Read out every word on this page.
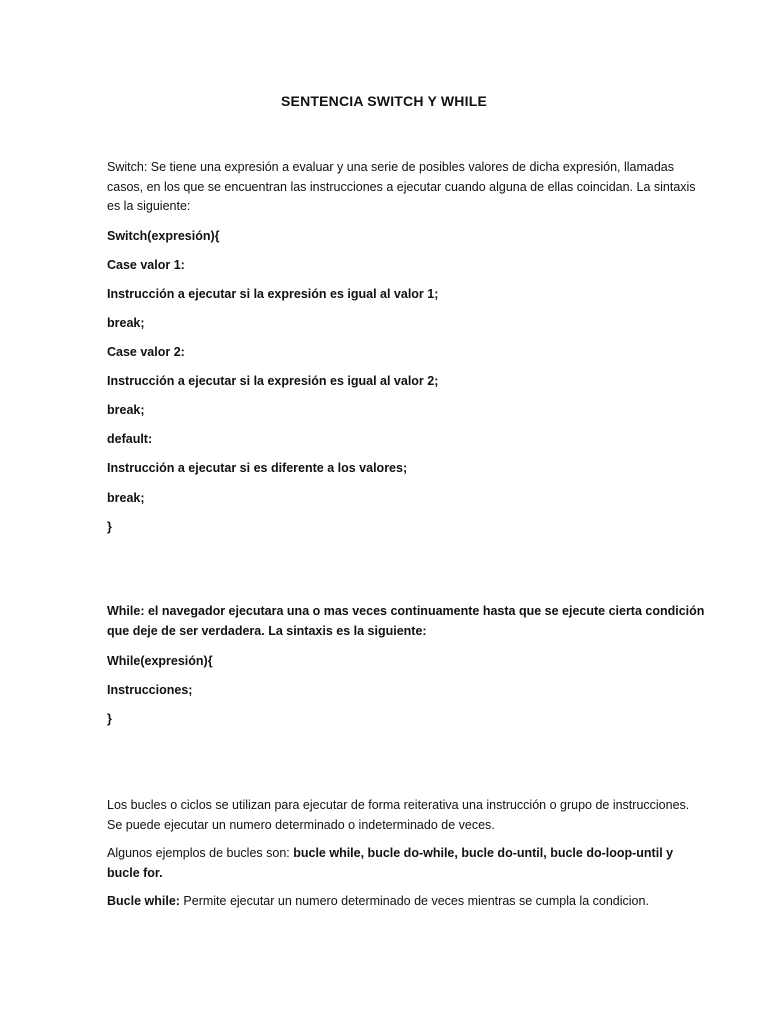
SENTENCIA SWITCH Y WHILE
Switch: Se tiene una expresión a evaluar y una serie de posibles valores de dicha expresión, llamadas casos, en los que se encuentran las instrucciones a ejecutar cuando alguna de ellas coincidan. La sintaxis es la siguiente:
Switch(expresión){
Case valor 1:
Instrucción a ejecutar si la expresión es igual al valor 1;
break;
Case valor 2:
Instrucción a ejecutar si la expresión es igual al valor 2;
break;
default:
Instrucción a ejecutar si es diferente a los valores;
break;
}
While: el navegador ejecutara una o mas veces continuamente hasta que se ejecute cierta condición que deje de ser verdadera. La sintaxis es la siguiente:
While(expresión){
Instrucciones;
}
Los bucles o ciclos se utilizan para ejecutar de forma reiterativa una instrucción o grupo de instrucciones. Se puede ejecutar un numero determinado o indeterminado de veces.
Algunos ejemplos de bucles son: bucle while, bucle do-while, bucle do-until, bucle do-loop-until y bucle for.
Bucle while: Permite ejecutar un numero determinado de veces mientras se cumpla la condicion.
